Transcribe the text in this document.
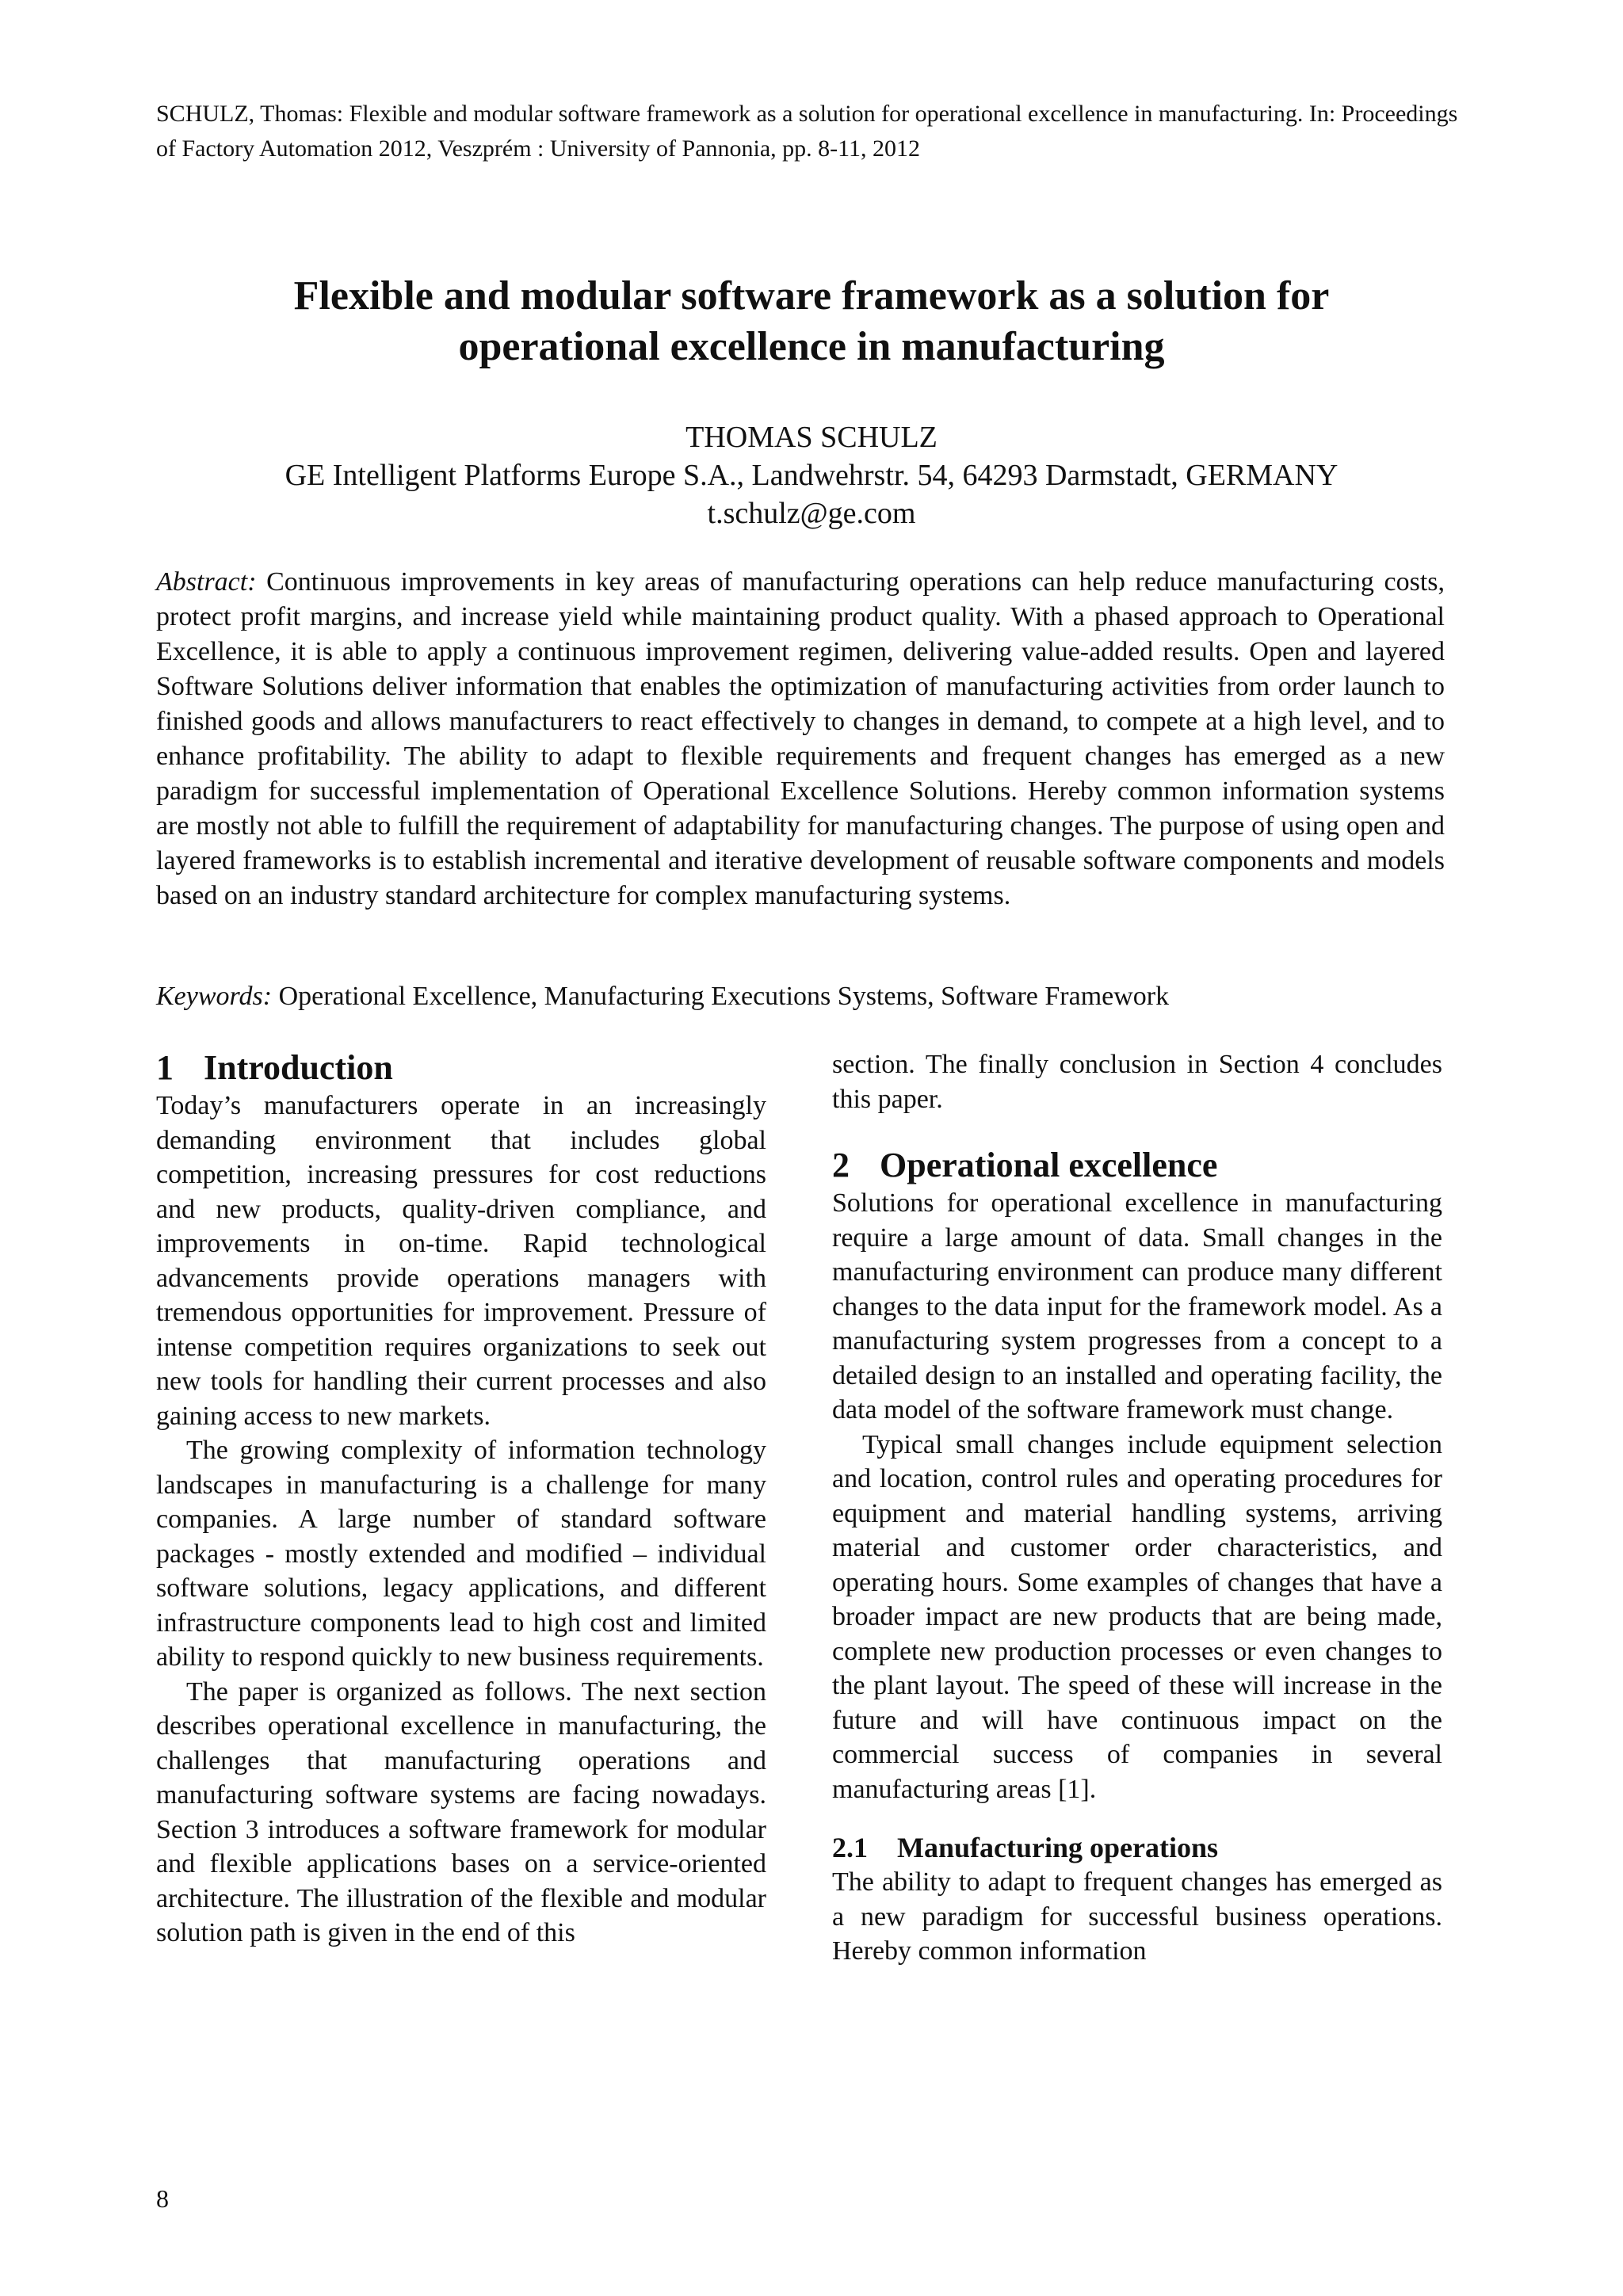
SCHULZ, Thomas: Flexible and modular software framework as a solution for operational excellence in manufacturing. In: Proceedings of Factory Automation 2012, Veszprém : University of Pannonia, pp. 8-11, 2012
Flexible and modular software framework as a solution for
operational excellence in manufacturing
THOMAS SCHULZ
GE Intelligent Platforms Europe S.A., Landwehrstr. 54, 64293 Darmstadt, GERMANY
t.schulz@ge.com

Abstract: Continuous improvements in key areas of manufacturing operations can help reduce manufacturing costs, protect profit margins, and increase yield while maintaining product quality. With a phased approach to Operational Excellence, it is able to apply a continuous improvement regimen, delivering value-added results. Open and layered Software Solutions deliver information that enables the optimization of manufacturing activities from order launch to finished goods and allows manufacturers to react effectively to changes in demand, to compete at a high level, and to enhance profitability. The ability to adapt to flexible requirements and frequent changes has emerged as a new paradigm for successful implementation of Operational Excellence Solutions. Hereby common information systems are mostly not able to fulfill the requirement of adaptability for manufacturing changes. The purpose of using open and layered frameworks is to establish incremental and iterative development of reusable software components and models based on an industry standard architecture for complex manufacturing systems.

Keywords: Operational Excellence, Manufacturing Executions Systems, Software Framework

1 Introduction

Today’s manufacturers operate in an increasingly demanding environment that includes global competition, increasing pressures for cost reductions and new products, quality-driven compliance, and improvements in on-time. Rapid technological advancements provide operations managers with tremendous opportunities for improvement. Pressure of intense competition requires organizations to seek out new tools for handling their current processes and also gaining access to new markets.

The growing complexity of information technology landscapes in manufacturing is a challenge for many companies. A large number of standard software packages - mostly extended and modified – individual software solutions, legacy applications, and different infrastructure components lead to high cost and limited ability to respond quickly to new business requirements.

The paper is organized as follows. The next section describes operational excellence in manufacturing, the challenges that manufacturing operations and manufacturing software systems are facing nowadays. Section 3 introduces a software framework for modular and flexible applications bases on a service-oriented architecture. The illustration of the flexible and modular solution path is given in the end of this

section. The finally conclusion in Section 4 concludes this paper.

2 Operational excellence

Solutions for operational excellence in manufacturing require a large amount of data. Small changes in the manufacturing environment can produce many different changes to the data input for the framework model. As a manufacturing system progresses from a concept to a detailed design to an installed and operating facility, the data model of the software framework must change.

Typical small changes include equipment selection and location, control rules and operating procedures for equipment and material handling systems, arriving material and customer order characteristics, and operating hours. Some examples of changes that have a broader impact are new products that are being made, complete new production processes or even changes to the plant layout. The speed of these will increase in the future and will have continuous impact on the commercial success of companies in several manufacturing areas [1].

2.1 Manufacturing operations

The ability to adapt to frequent changes has emerged as a new paradigm for successful business operations. Hereby common information

8
